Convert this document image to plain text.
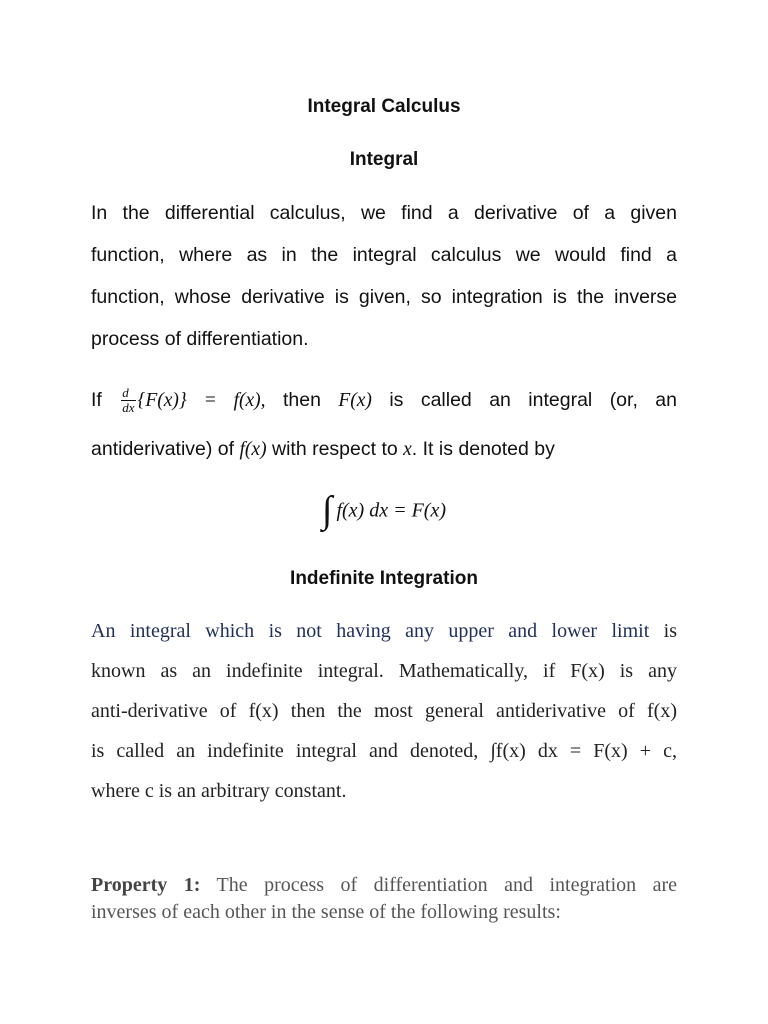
Integral Calculus
Integral
In the differential calculus, we find a derivative of a given
function, where as in the integral calculus we would find a
function, whose derivative is given, so integration is the inverse
process of differentiation.
If $\frac{d}{dx} \{F(x)\} = f(x)$, then F(x) is called an integral (or, an
antiderivative) of f(x) with respect to x. It is denoted by
∫ f(x) dx = F(x)
Indefinite Integration
An integral which is not having any upper and lower limit is
known as an indefinite integral. Mathematically, if F(x) is any
anti-derivative of f(x) then the most general antiderivative of f(x)
is called an indefinite integral and denoted, ∫f(x) dx = F(x) + c,
where c is an arbitrary constant.
Property 1: The process of differentiation and integration are
inverses of each other in the sense of the following results:
